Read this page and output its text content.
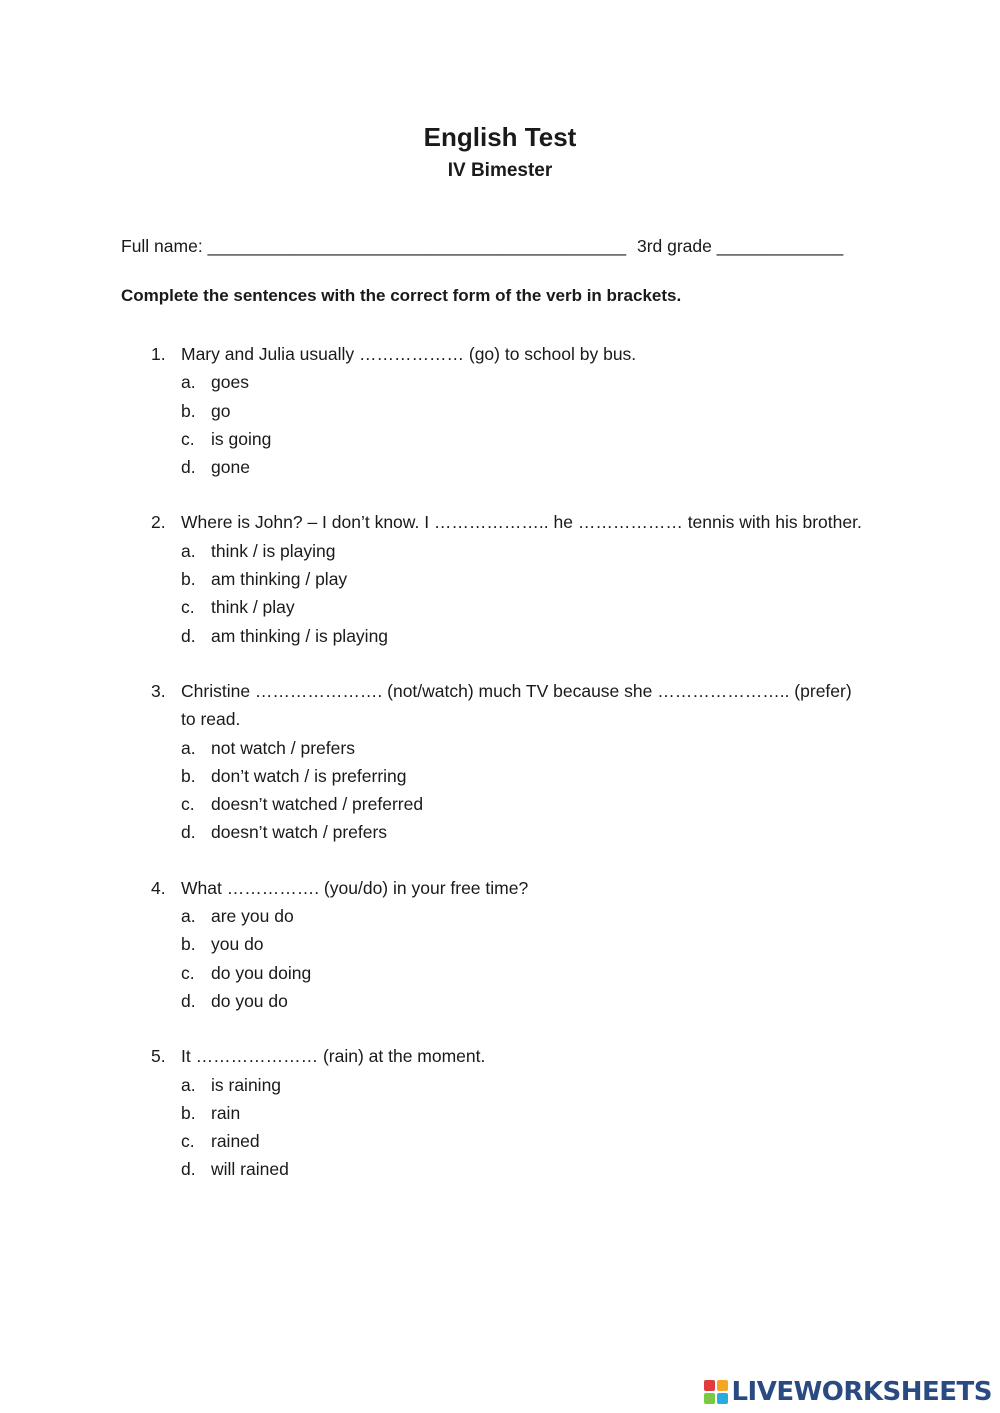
English Test
IV Bimester
Full name: ___________________________________________ 3rd grade _____________
Complete the sentences with the correct form of the verb in brackets.
1. Mary and Julia usually ……………… (go) to school by bus.
a. goes
b. go
c. is going
d. gone
2. Where is John? – I don’t know. I ……………….. he ……………… tennis with his brother.
a. think / is playing
b. am thinking / play
c. think / play
d. am thinking / is playing
3. Christine …………………. (not/watch) much TV because she ………………….. (prefer) to read.
a. not watch / prefers
b. don’t watch / is preferring
c. doesn’t watched / preferred
d. doesn’t watch / prefers
4. What ……………. (you/do) in your free time?
a. are you do
b. you do
c. do you doing
d. do you do
5. It ………………… (rain) at the moment.
a. is raining
b. rain
c. rained
d. will rained
LIVEWORKSHEETS
